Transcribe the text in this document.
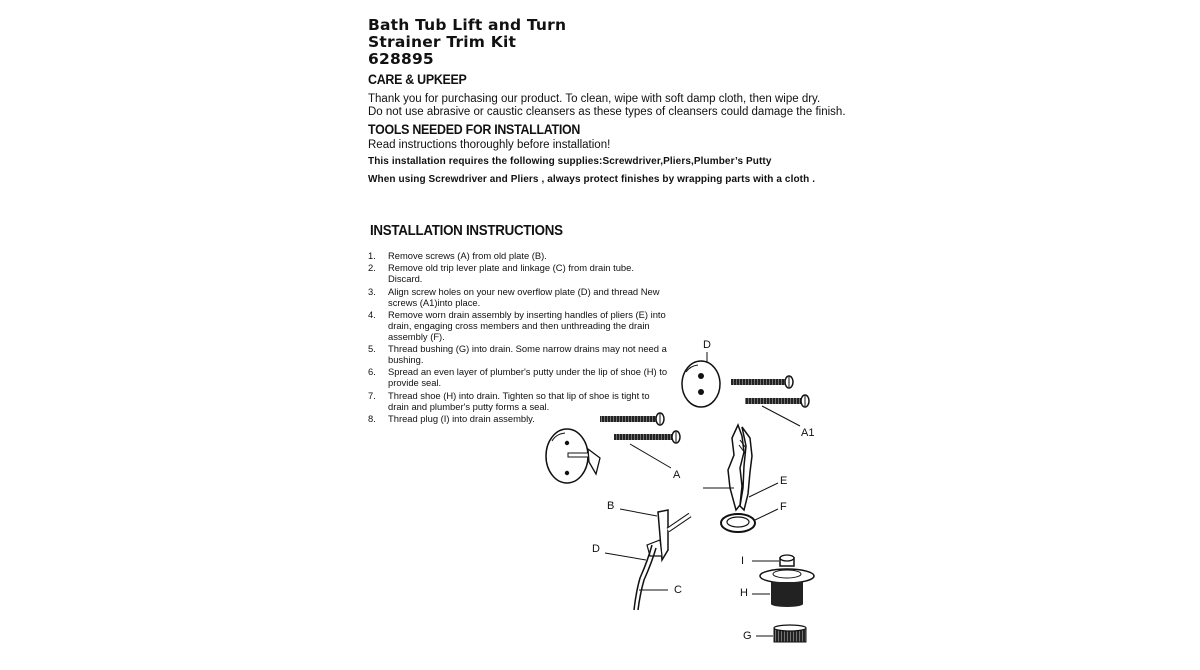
Bath Tub Lift and Turn
Strainer Trim Kit
628895
CARE & UPKEEP
Thank you for purchasing our product. To clean, wipe with soft damp cloth, then wipe dry.
Do not use abrasive or caustic cleansers as these types of cleansers could damage the finish.
TOOLS NEEDED FOR INSTALLATION
Read instructions thoroughly before installation!
This installation requires the following supplies:Screwdriver,Pliers,Plumber’s Putty
When using Screwdriver and Pliers , always protect finishes by wrapping parts with a cloth .
INSTALLATION INSTRUCTIONS
1.	Remove screws (A) from old plate (B).
2.	Remove old trip lever plate and linkage (C) from drain tube. Discard.
3.	Align screw holes on your new overflow plate (D) and thread New screws (A1)into place.
4.	Remove worn drain assembly by inserting handles of pliers (E) into drain, engaging cross members and then unthreading the drain assembly (F).
5.	Thread bushing (G) into drain. Some narrow drains may not need a bushing.
6.	Spread an even layer of plumber's putty under the lip of shoe (H) to provide seal.
7.	Thread shoe (H) into drain. Tighten so that lip of shoe is tight to drain and plumber's putty forms a seal.
8.	Thread plug (I) into drain assembly.
D
A1
A	E
F
B
D
C
I
H
G
